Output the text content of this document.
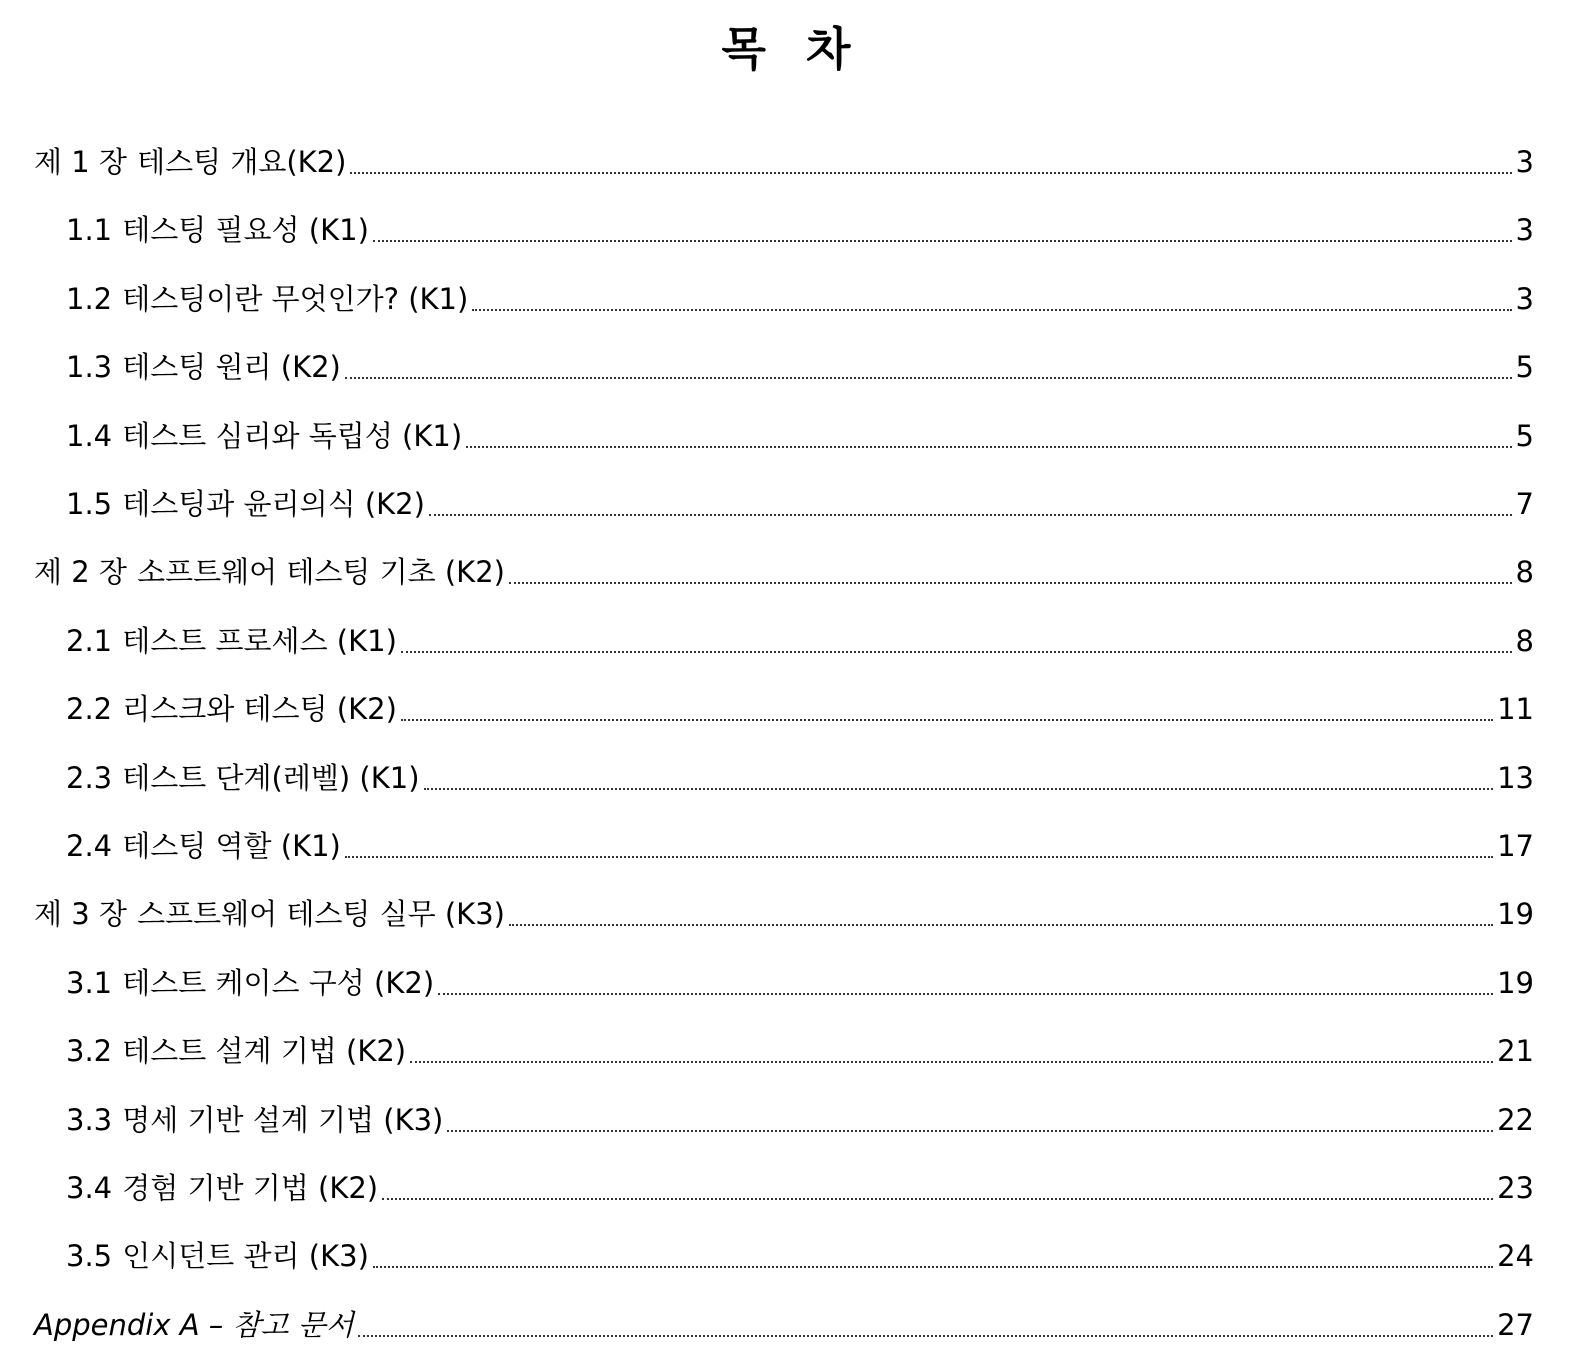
목 차
제 1 장 테스팅 개요(K2)	3
1.1 테스팅 필요성 (K1)	3
1.2 테스팅이란 무엇인가? (K1)	3
1.3 테스팅 원리 (K2)	5
1.4 테스트 심리와 독립성 (K1)	5
1.5 테스팅과 윤리의식 (K2)	7
제 2 장 소프트웨어 테스팅 기초 (K2)	8
2.1 테스트 프로세스 (K1)	8
2.2 리스크와 테스팅 (K2)	11
2.3 테스트 단계(레벨) (K1)	13
2.4 테스팅 역할 (K1)	17
제 3 장 스프트웨어 테스팅 실무 (K3)	19
3.1 테스트 케이스 구성 (K2)	19
3.2 테스트 설계 기법 (K2)	21
3.3 명세 기반 설계 기법 (K3)	22
3.4 경험 기반 기법 (K2)	23
3.5 인시던트 관리 (K3)	24
Appendix A – 참고 문서	27
